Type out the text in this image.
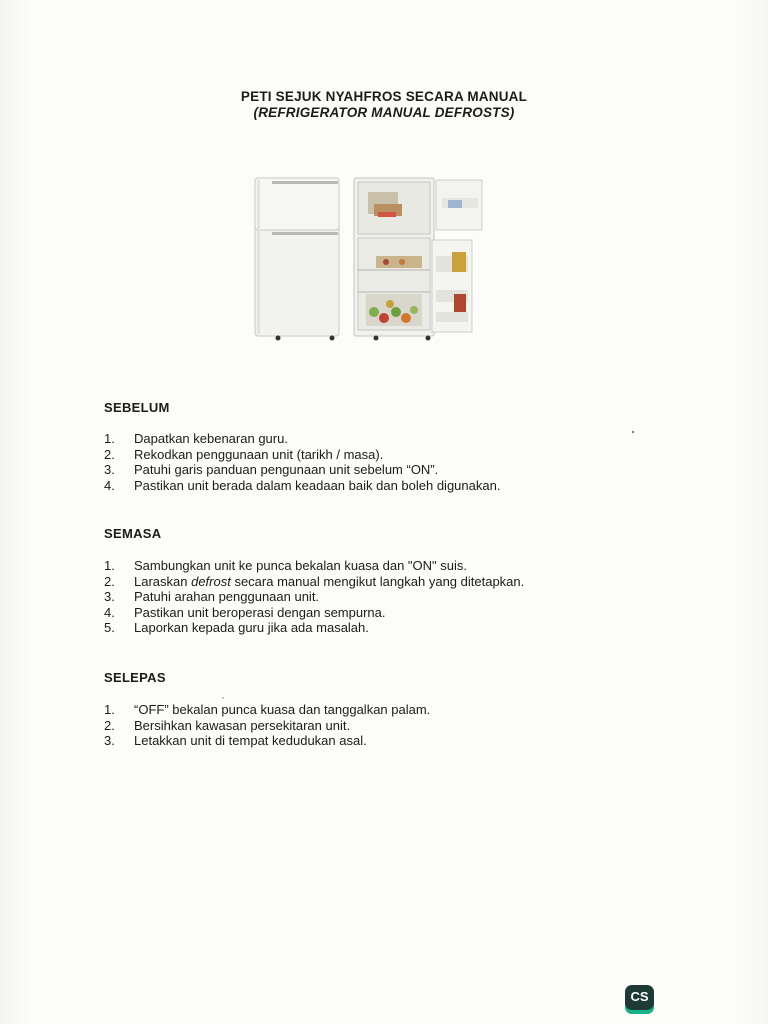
PETI SEJUK NYAHFROS SECARA MANUAL
(REFRIGERATOR MANUAL DEFROSTS)
SEBELUM
1. Dapatkan kebenaran guru.
2. Rekodkan penggunaan unit (tarikh / masa).
3. Patuhi garis panduan pengunaan unit sebelum “ON”.
4. Pastikan unit berada dalam keadaan baik dan boleh digunakan.
SEMASA
1. Sambungkan unit ke punca bekalan kuasa dan "ON" suis.
2. Laraskan defrost secara manual mengikut langkah yang ditetapkan.
3. Patuhi arahan penggunaan unit.
4. Pastikan unit beroperasi dengan sempurna.
5. Laporkan kepada guru jika ada masalah.
SELEPAS
1. “OFF” bekalan punca kuasa dan tanggalkan palam.
2. Bersihkan kawasan persekitaran unit.
3. Letakkan unit di tempat kedudukan asal.
CS
